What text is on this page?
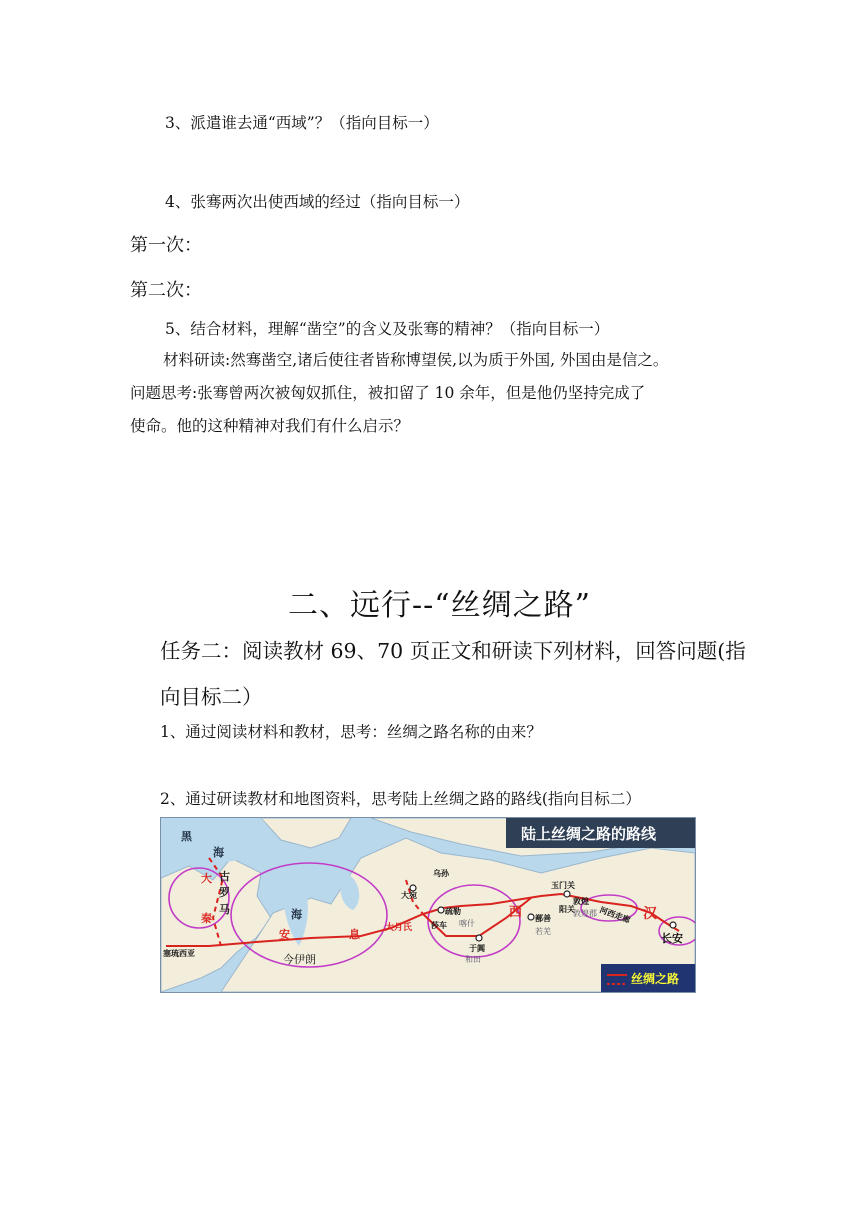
3、派遣谁去通“西域”？（指向目标一）
4、张骞两次出使西域的经过（指向目标一）
第一次：
第二次：
5、结合材料，理解“凿空”的含义及张骞的精神？（指向目标一）
材料研读:然骞凿空,诸后使往者皆称博望侯,以为质于外国, 外国由是信之。
问题思考:张骞曾两次被匈奴抓住，被扣留了 10 余年，但是他仍坚持完成了
使命。他的这种精神对我们有什么启示？
二、远行--“丝绸之路”
任务二：阅读教材 69、70 页正文和研读下列材料，回答问题(指
向目标二）
1、通过阅读材料和教材，思考：丝绸之路名称的由来？
2、通过研读教材和地图资料，思考陆上丝绸之路的路线(指向目标二）
黑
海
海
大 古
罗
马
秦
塞琉西亚
安	息
今伊朗
大宛
乌孙
大月氏
疏勒
莎车 喀什
于阗
和田
西 鄯善
若羌
玉门关
阳关
敦煌
敦煌郡 河西走廊 汉
长安
陆上丝绸之路的路线
丝绸之路
